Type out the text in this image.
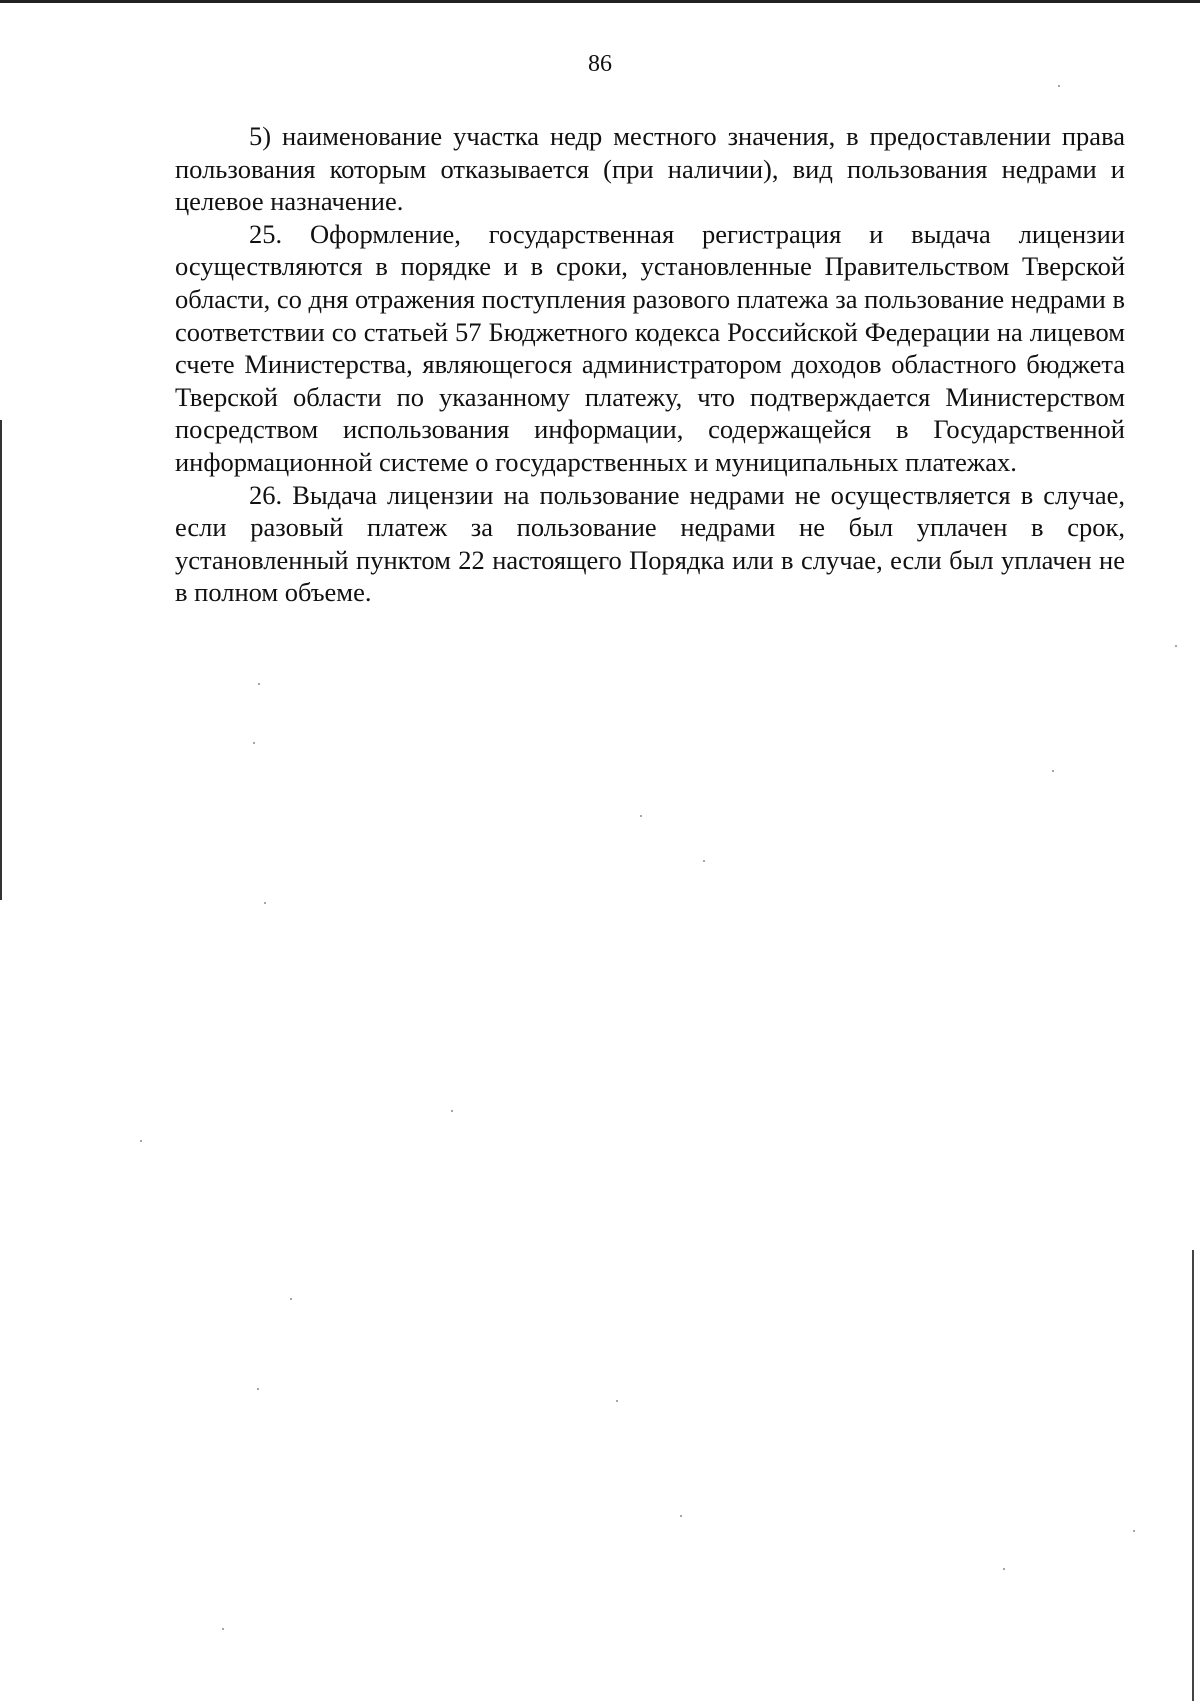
86

5) наименование участка недр местного значения, в предоставлении права пользования которым отказывается (при наличии), вид пользования недрами и целевое назначение.

25. Оформление, государственная регистрация и выдача лицензии осуществляются в порядке и в сроки, установленные Правительством Тверской области, со дня отражения поступления разового платежа за пользование недрами в соответствии со статьей 57 Бюджетного кодекса Российской Федерации на лицевом счете Министерства, являющегося администратором доходов областного бюджета Тверской области по указанному платежу, что подтверждается Министерством посредством использования информации, содержащейся в Государственной информационной системе о государственных и муниципальных платежах.

26. Выдача лицензии на пользование недрами не осуществляется в случае, если разовый платеж за пользование недрами не был уплачен в срок, установленный пунктом 22 настоящего Порядка или в случае, если был уплачен не в полном объеме.
